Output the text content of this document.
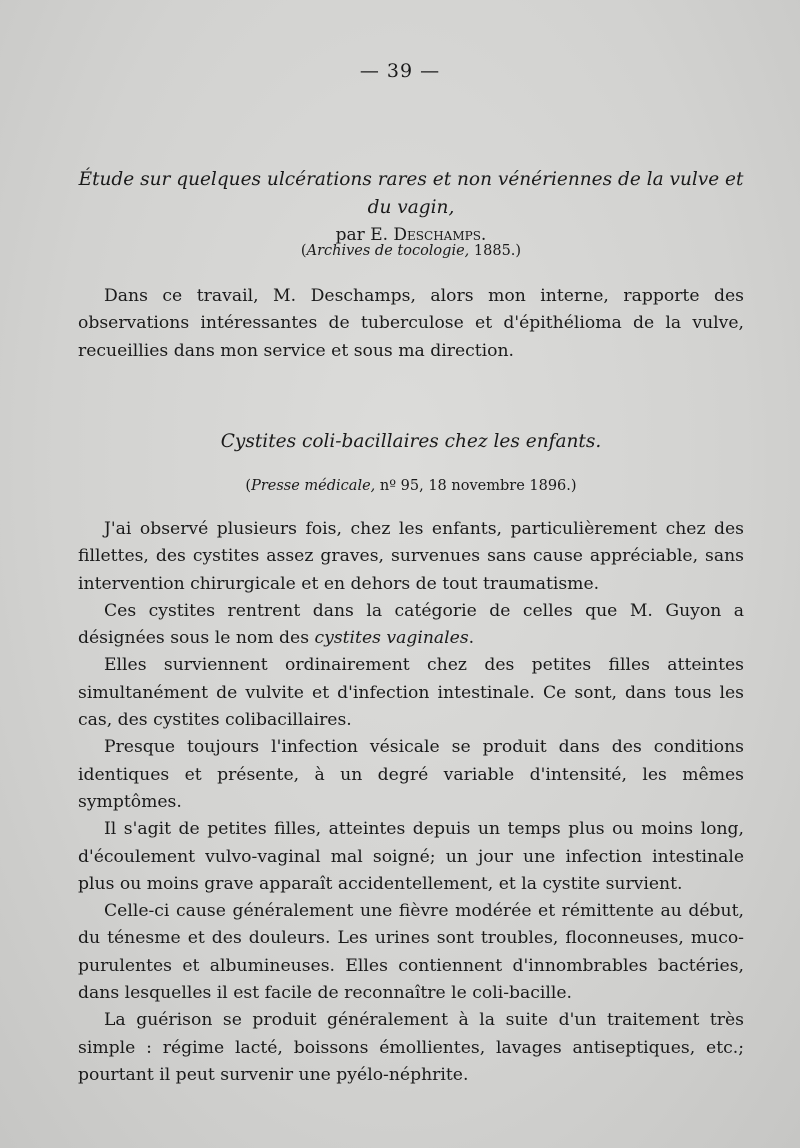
— 39 —
Étude sur quelques ulcérations rares et non vénériennes de la vulve et du vagin,
par E. Deschamps.
(Archives de tocologie, 1885.)

Dans ce travail, M. Deschamps, alors mon interne, rapporte des observations intéressantes de tuberculose et d'épithélioma de la vulve, recueillies dans mon service et sous ma direction.

Cystites coli-bacillaires chez les enfants.
(Presse médicale, nº 95, 18 novembre 1896.)

J'ai observé plusieurs fois, chez les enfants, particulièrement chez des fillettes, des cystites assez graves, survenues sans cause appréciable, sans intervention chirurgicale et en dehors de tout traumatisme.

Ces cystites rentrent dans la catégorie de celles que M. Guyon a désignées sous le nom des cystites vaginales.

Elles surviennent ordinairement chez des petites filles atteintes simultanément de vulvite et d'infection intestinale. Ce sont, dans tous les cas, des cystites colibacillaires.

Presque toujours l'infection vésicale se produit dans des conditions identiques et présente, à un degré variable d'intensité, les mêmes symptômes.

Il s'agit de petites filles, atteintes depuis un temps plus ou moins long, d'écoulement vulvo-vaginal mal soigné; un jour une infection intestinale plus ou moins grave apparaît accidentellement, et la cystite survient.

Celle-ci cause généralement une fièvre modérée et rémittente au début, du ténesme et des douleurs. Les urines sont troubles, floconneuses, muco-purulentes et albumineuses. Elles contiennent d'innombrables bactéries, dans lesquelles il est facile de reconnaître le coli-bacille.

La guérison se produit généralement à la suite d'un traitement très simple : régime lacté, boissons émollientes, lavages antiseptiques, etc.; pourtant il peut survenir une pyélo-néphrite.
